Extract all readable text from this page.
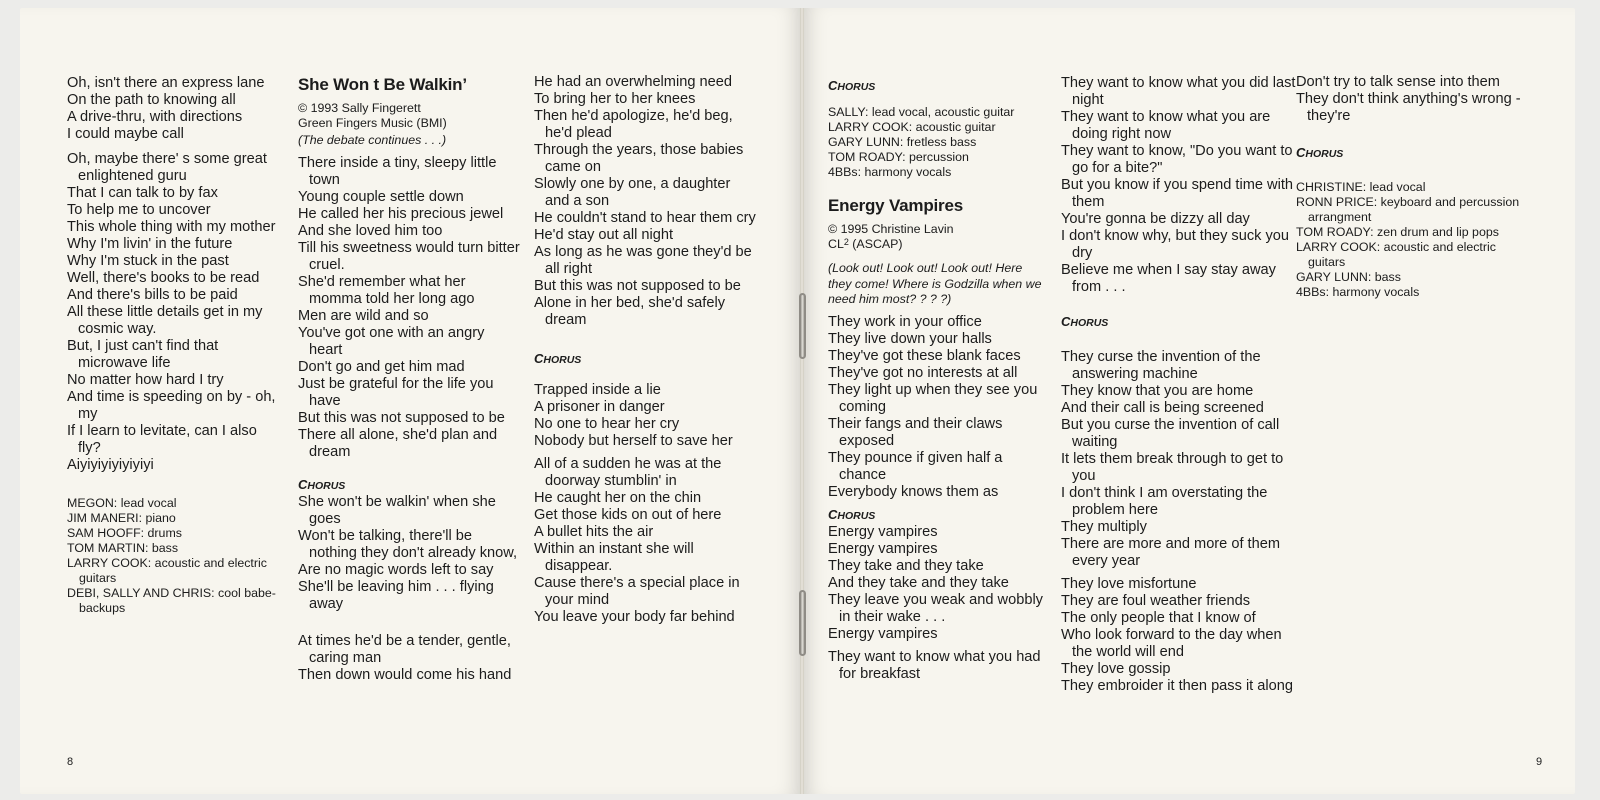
Oh, isn't there an express lane
On the path to knowing all
A drive-thru, with directions
I could maybe call
Oh, maybe there' s some great enlightened guru
That I can talk to by fax
To help me to uncover
This whole thing with my mother
Why I'm livin' in the future
Why I'm stuck in the past
Well, there's books to be read
And there's bills to be paid
All these little details get in my cosmic way.
But, I just can't find that microwave life
No matter how hard I try
And time is speeding on by - oh, my
If I learn to levitate, can I also fly?
Aiyiyiyiyiyiyiyi
MEGON: lead vocal
JIM MANERI: piano
SAM HOOFF: drums
TOM MARTIN: bass
LARRY COOK: acoustic and electric guitars
DEBI, SALLY AND CHRIS: cool babe-backups
She Won t Be Walkin’
© 1993 Sally Fingerett
Green Fingers Music (BMI)
(The debate continues . . .)
There inside a tiny, sleepy little town
Young couple settle down
He called her his precious jewel
And she loved him too
Till his sweetness would turn bitter cruel.
She'd remember what her momma told her long ago
Men are wild and so
You've got one with an angry heart
Don't go and get him mad
Just be grateful for the life you have
But this was not supposed to be
There all alone, she'd plan and dream
CHORUS
She won't be walkin' when she goes
Won't be talking, there'll be nothing they don't already know,
Are no magic words left to say
She'll be leaving him . . . flying away
At times he'd be a tender, gentle, caring man
Then down would come his hand
He had an overwhelming need
To bring her to her knees
Then he'd apologize, he'd beg, he'd plead
Through the years, those babies came on
Slowly one by one, a daughter and a son
He couldn't stand to hear them cry
He'd stay out all night
As long as he was gone they'd be all right
But this was not supposed to be
Alone in her bed, she'd safely dream
CHORUS
Trapped inside a lie
A prisoner in danger
No one to hear her cry
Nobody but herself to save her
All of a sudden he was at the doorway stumblin' in
He caught her on the chin
Get those kids on out of here
A bullet hits the air
Within an instant she will disappear.
Cause there's a special place in your mind
You leave your body far behind
CHORUS
SALLY: lead vocal, acoustic guitar
LARRY COOK: acoustic guitar
GARY LUNN: fretless bass
TOM ROADY: percussion
4BBs: harmony vocals
Energy Vampires
© 1995 Christine Lavin
$CL^2$ (ASCAP)
(Look out! Look out! Look out! Here they come! Where is Godzilla when we need him most? ? ? ?)
They work in your office
They live down your halls
They've got these blank faces
They've got no interests at all
They light up when they see you coming
Their fangs and their claws exposed
They pounce if given half a chance
Everybody knows them as
CHORUS
Energy vampires
Energy vampires
They take and they take
And they take and they take
They leave you weak and wobbly in their wake . . .
Energy vampires
They want to know what you had for breakfast
They want to know what you did last night
They want to know what you are doing right now
They want to know, "Do you want to go for a bite?"
But you know if you spend time with them
You're gonna be dizzy all day
I don't know why, but they suck you dry
Believe me when I say stay away from . . .
CHORUS
They curse the invention of the answering machine
They know that you are home
And their call is being screened
But you curse the invention of call waiting
It lets them break through to get to you
I don't think I am overstating the problem here
They multiply
There are more and more of them every year
They love misfortune
They are foul weather friends
The only people that I know of
Who look forward to the day when the world will end
They love gossip
They embroider it then pass it along
Don't try to talk sense into them
They don't think anything's wrong - they're
CHORUS
CHRISTINE: lead vocal
RONN PRICE: keyboard and percussion arrangment
TOM ROADY: zen drum and lip pops
LARRY COOK: acoustic and electric guitars
GARY LUNN: bass
4BBs: harmony vocals
8	9
